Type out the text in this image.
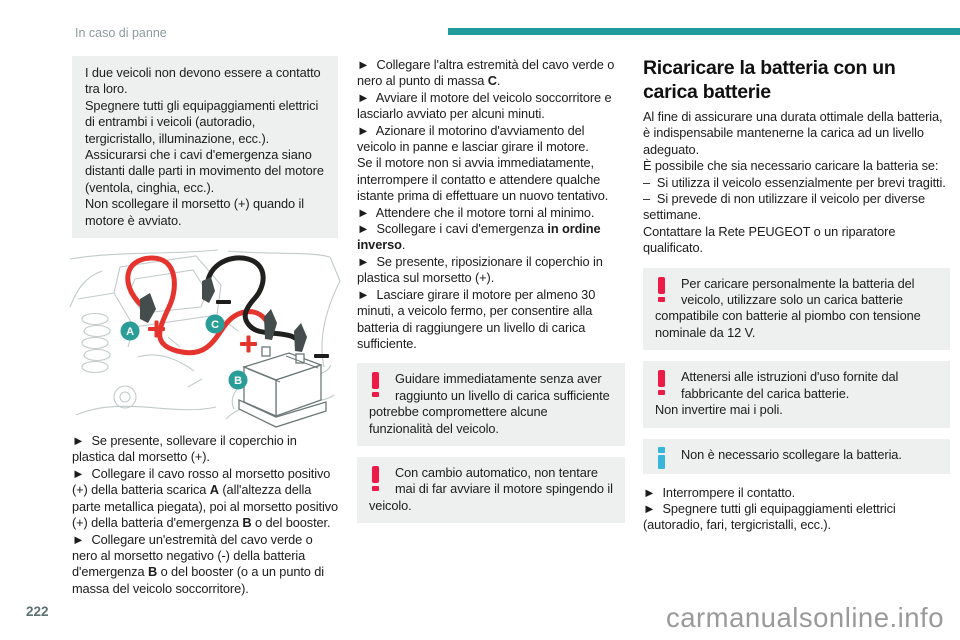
In caso di panne

I due veicoli non devono essere a contatto tra loro.

Spegnere tutti gli equipaggiamenti elettrici di entrambi i veicoli (autoradio, tergicristallo, illuminazione, ecc.).

Assicurarsi che i cavi d'emergenza siano distanti dalle parti in movimento del motore (ventola, cinghia, ecc.).

Non scollegare il morsetto (+) quando il motore è avviato.

A
C
B

►  Se presente, sollevare il coperchio in plastica dal morsetto (+).

►  Collegare il cavo rosso al morsetto positivo (+) della batteria scarica A (all'altezza della parte metallica piegata), poi al morsetto positivo (+) della batteria d'emergenza B o del booster.

►  Collegare un'estremità del cavo verde o nero al morsetto negativo (-) della batteria d'emergenza B o del booster (o a un punto di massa del veicolo soccorritore).

►  Collegare l'altra estremità del cavo verde o nero al punto di massa C.

►  Avviare il motore del veicolo soccorritore e lasciarlo avviato per alcuni minuti.

►  Azionare il motorino d'avviamento del veicolo in panne e lasciar girare il motore.

Se il motore non si avvia immediatamente, interrompere il contatto e attendere qualche istante prima di effettuare un nuovo tentativo.

►  Attendere che il motore torni al minimo.

►  Scollegare i cavi d'emergenza in ordine inverso.

►  Se presente, riposizionare il coperchio in plastica sul morsetto (+).

►  Lasciare girare il motore per almeno 30 minuti, a veicolo fermo, per consentire alla batteria di raggiungere un livello di carica sufficiente.

Guidare immediatamente senza aver raggiunto un livello di carica sufficiente potrebbe compromettere alcune funzionalità del veicolo.

Con cambio automatico, non tentare mai di far avviare il motore spingendo il veicolo.

Ricaricare la batteria con un carica batterie

Al fine di assicurare una durata ottimale della batteria, è indispensabile mantenerne la carica ad un livello adeguato.

È possibile che sia necessario caricare la batteria se:

–  Si utilizza il veicolo essenzialmente per brevi tragitti.

–  Si prevede di non utilizzare il veicolo per diverse settimane.

Contattare la Rete PEUGEOT o un riparatore qualificato.

Per caricare personalmente la batteria del veicolo, utilizzare solo un carica batterie compatibile con batterie al piombo con tensione nominale da 12 V.

Attenersi alle istruzioni d'uso fornite dal fabbricante del carica batterie.

Non invertire mai i poli.

Non è necessario scollegare la batteria.

►  Interrompere il contatto.

►  Spegnere tutti gli equipaggiamenti elettrici (autoradio, fari, tergicristalli, ecc.).

222	carmanualsonline.info
